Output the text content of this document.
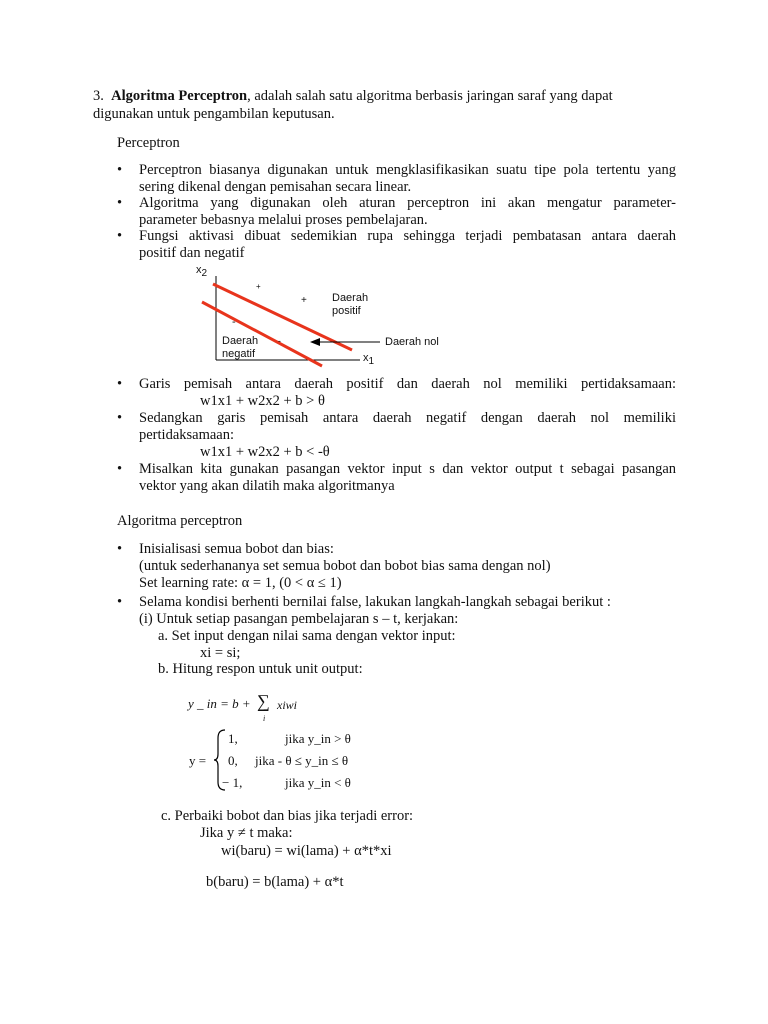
3. Algoritma Perceptron, adalah salah satu algoritma berbasis jaringan saraf yang dapat
digunakan untuk pengambilan keputusan.
Perceptron
• Perceptron biasanya digunakan untuk mengklasifikasikan suatu tipe pola tertentu yang
sering dikenal dengan pemisahan secara linear.
• Algoritma yang digunakan oleh aturan perceptron ini akan mengatur parameter-
parameter bebasnya melalui proses pembelajaran.
• Fungsi aktivasi dibuat sedemikian rupa sehingga terjadi pembatasan antara daerah
positif dan negatif
$x_2$
$x_1$
+
+
-
-
Daerah
positif
Daerah
negatif
Daerah nol
• Garis pemisah antara daerah positif dan daerah nol memiliki pertidaksamaan:
w1x1 + w2x2 + b > θ
• Sedangkan garis pemisah antara daerah negatif dengan daerah nol memiliki
pertidaksamaan:
w1x1 + w2x2 + b < -θ
• Misalkan kita gunakan pasangan vektor input s dan vektor output t sebagai pasangan
vektor yang akan dilatih maka algoritmanya
Algoritma perceptron
• Inisialisasi semua bobot dan bias:
(untuk sederhananya set semua bobot dan bobot bias sama dengan nol)
Set learning rate: α = 1, (0 < α ≤ 1)
• Selama kondisi berhenti bernilai false, lakukan langkah-langkah sebagai berikut :
(i) Untuk setiap pasangan pembelajaran s – t, kerjakan:
a. Set input dengan nilai sama dengan vektor input:
xi = si;
b. Hitung respon untuk unit output:
y _ in = b + ∑
i
xiwi
y =
1,	jika y_in > θ
0, jika - θ ≤ y_in ≤ θ
− 1,	jika y_in < θ
c. Perbaiki bobot dan bias jika terjadi error:
Jika y ≠ t maka:
wi(baru) = wi(lama) + α*t*xi
b(baru) = b(lama) + α*t
